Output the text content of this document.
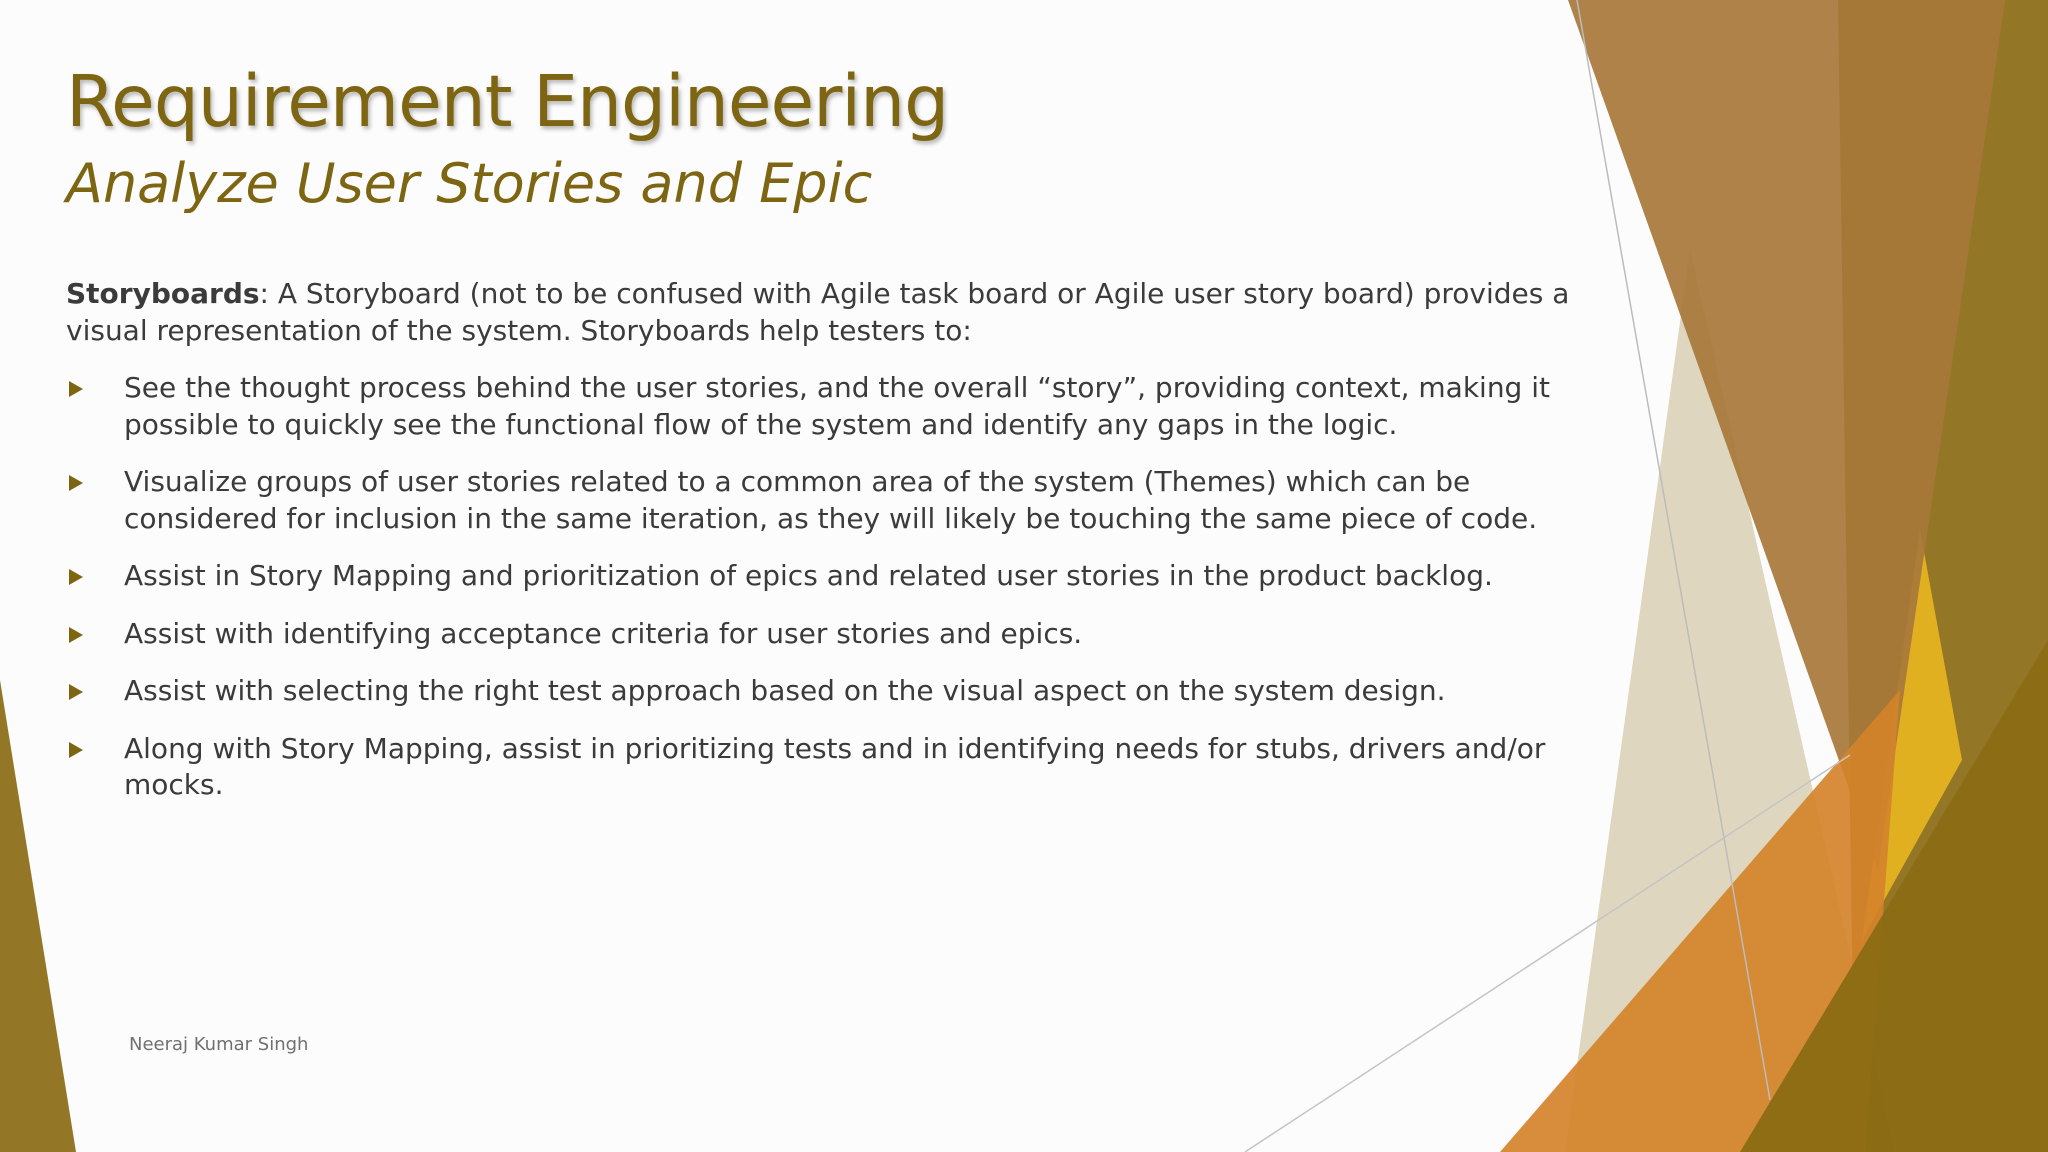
Requirement Engineering
Analyze User Stories and Epic

Storyboards: A Storyboard (not to be confused with Agile task board or Agile user story board) provides a visual representation of the system. Storyboards help testers to:

See the thought process behind the user stories, and the overall “story”, providing context, making it possible to quickly see the functional flow of the system and identify any gaps in the logic.
Visualize groups of user stories related to a common area of the system (Themes) which can be considered for inclusion in the same iteration, as they will likely be touching the same piece of code.
Assist in Story Mapping and prioritization of epics and related user stories in the product backlog.
Assist with identifying acceptance criteria for user stories and epics.
Assist with selecting the right test approach based on the visual aspect on the system design.
Along with Story Mapping, assist in prioritizing tests and in identifying needs for stubs, drivers and/or mocks.
Neeraj Kumar Singh
